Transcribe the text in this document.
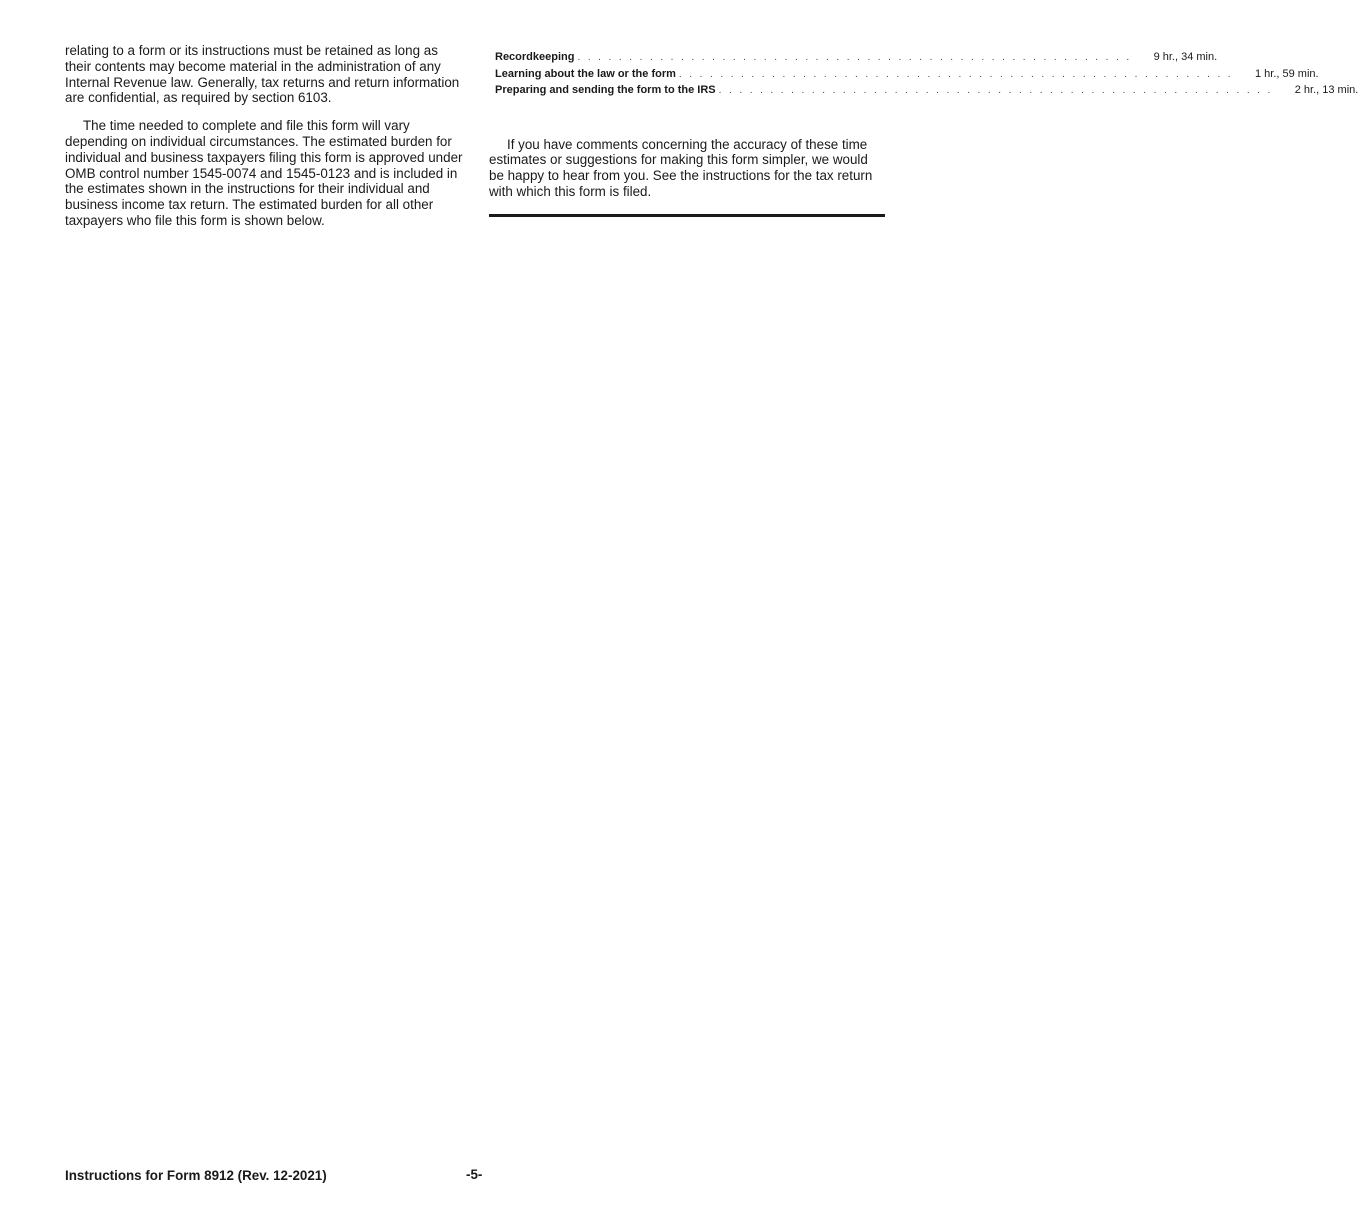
relating to a form or its instructions must be retained as long as their contents may become material in the administration of any Internal Revenue law. Generally, tax returns and return information are confidential, as required by section 6103.

The time needed to complete and file this form will vary depending on individual circumstances. The estimated burden for individual and business taxpayers filing this form is approved under OMB control number 1545-0074 and 1545-0123 and is included in the estimates shown in the instructions for their individual and business income tax return. The estimated burden for all other taxpayers who file this form is shown below.

Recordkeeping . . . . . . . . . . . . . . . . . . . . . . . . . . . . . . . . . . . . . . . . . . . . . . . . . . . . . . 9 hr., 34 min.
Learning about the law or the form . . . . . . . . . . . . . . . . . . . . . . . . . . . . . . . . . . . . . . . . . . . . . . . . . . . . . . 1 hr., 59 min.
Preparing and sending the form to the IRS . . . . . . . . . . . . . . . . . . . . . . . . . . . . . . . . . . . . . . . . . . . . . . . . . . . . . . 2 hr., 13 min.

If you have comments concerning the accuracy of these time estimates or suggestions for making this form simpler, we would be happy to hear from you. See the instructions for the tax return with which this form is filed.

Instructions for Form 8912 (Rev. 12-2021)	-5-
